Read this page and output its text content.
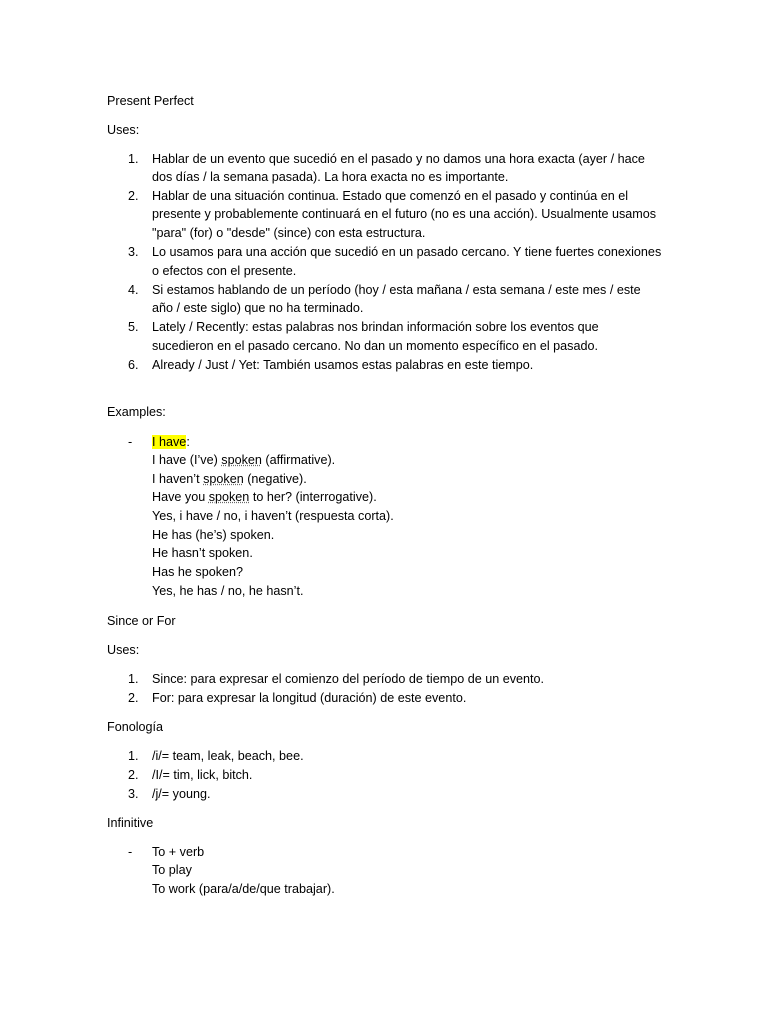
Present Perfect
Uses:
1.	Hablar de un evento que sucedió en el pasado y no damos una hora exacta (ayer / hace
dos días / la semana pasada). La hora exacta no es importante.
2.	Hablar de una situación continua. Estado que comenzó en el pasado y continúa en el
presente y probablemente continuará en el futuro (no es una acción). Usualmente usamos
"para" (for) o "desde" (since) con esta estructura.
3.	Lo usamos para una acción que sucedió en un pasado cercano. Y tiene fuertes conexiones
o efectos con el presente.
4.	Si estamos hablando de un período (hoy / esta mañana / esta semana / este mes / este
año / este siglo) que no ha terminado.
5.	Lately / Recently: estas palabras nos brindan información sobre los eventos que
sucedieron en el pasado cercano. No dan un momento específico en el pasado.
6.	Already / Just / Yet: También usamos estas palabras en este tiempo.
Examples:
- I have:
I have (I’ve) spoken (affirmative).
I haven’t spoken (negative).
Have you spoken to her? (interrogative).
Yes, i have / no, i haven’t (respuesta corta).
He has (he’s) spoken.
He hasn’t spoken.
Has he spoken?
Yes, he has / no, he hasn’t.
Since or For
Uses:
1.	Since: para expresar el comienzo del período de tiempo de un evento.
2.	For: para expresar la longitud (duración) de este evento.
Fonología
1.	/i/= team, leak, beach, bee.
2.	/I/= tim, lick, bitch.
3.	/j/= young.
Infinitive
- To + verb
To play
To work (para/a/de/que trabajar).
